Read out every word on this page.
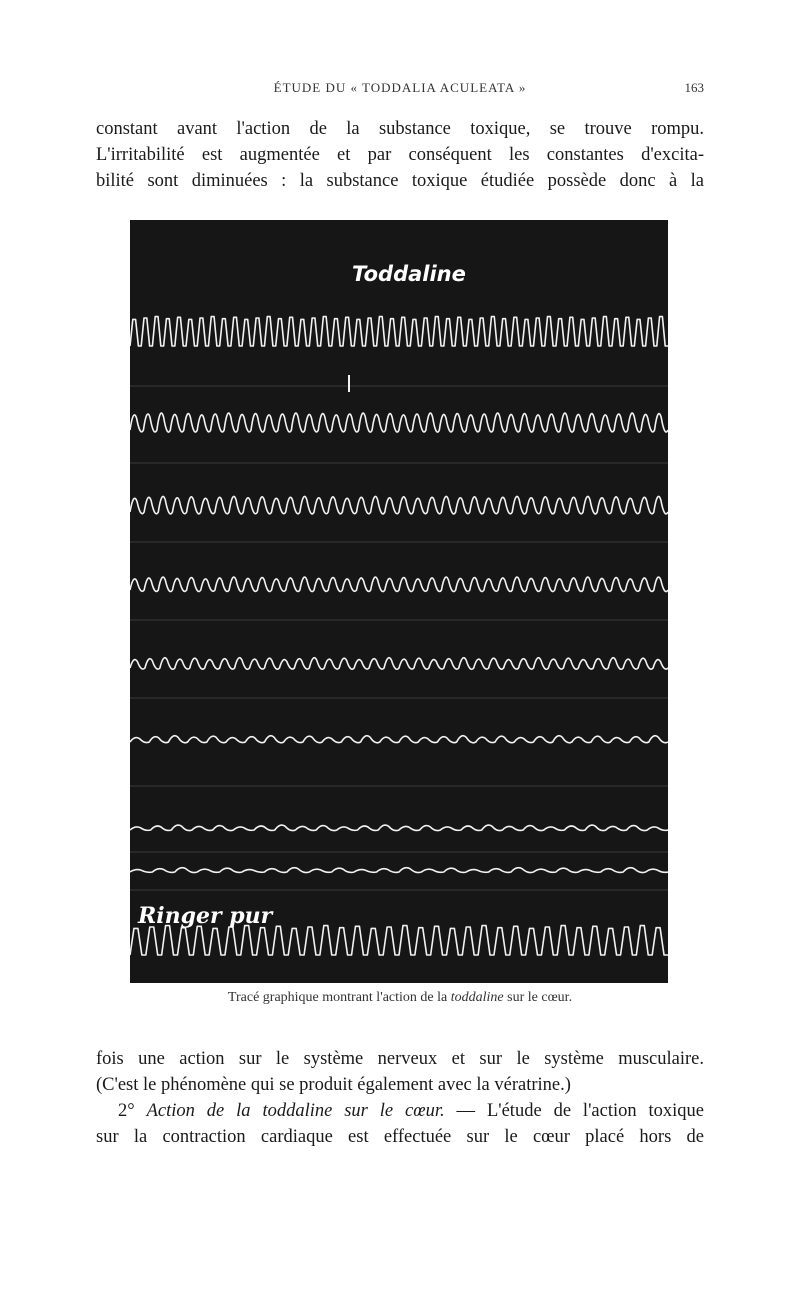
ÉTUDE DU « TODDALIA ACULEATA »	163
constant avant l'action de la substance toxique, se trouve rompu.
L'irritabilité est augmentée et par conséquent les constantes d'excita-
bilité sont diminuées : la substance toxique étudiée possède donc à la
Toddaline
Ringer pur
Tracé graphique montrant l'action de la toddaline sur le cœur.
fois une action sur le système nerveux et sur le système musculaire.
(C'est le phénomène qui se produit également avec la vératrine.)
2° Action de la toddaline sur le cœur. — L'étude de l'action toxique
sur la contraction cardiaque est effectuée sur le cœur placé hors de
